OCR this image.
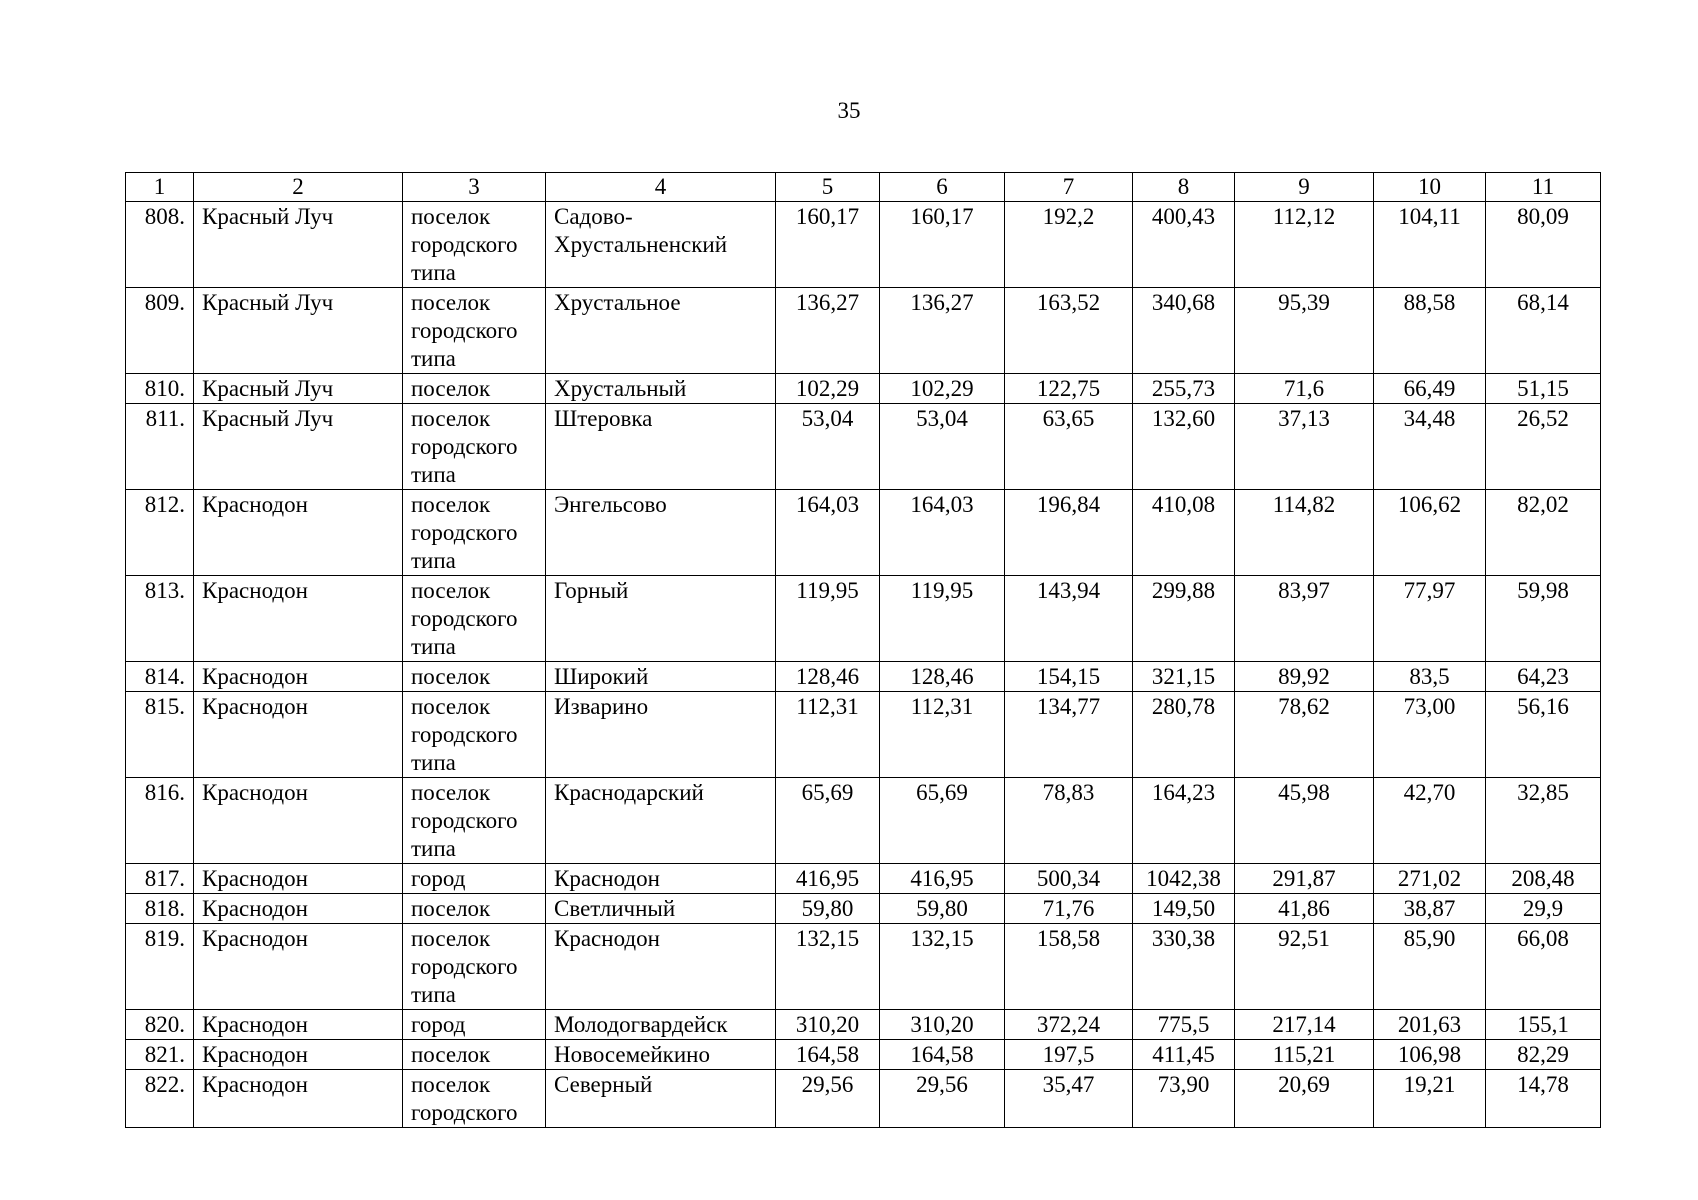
35
1	2	3	4	5	6	7	8	9	10	11
808.	Красный Луч	поселок
городского
типа	Садово-
Хрустальненский	160,17	160,17	192,2	400,43	112,12	104,11	80,09
809.	Красный Луч	поселок
городского
типа	Хрустальное	136,27	136,27	163,52	340,68	95,39	88,58	68,14
810.	Красный Луч	поселок	Хрустальный	102,29	102,29	122,75	255,73	71,6	66,49	51,15
811.	Красный Луч	поселок
городского
типа	Штеровка	53,04	53,04	63,65	132,60	37,13	34,48	26,52
812.	Краснодон	поселок
городского
типа	Энгельсово	164,03	164,03	196,84	410,08	114,82	106,62	82,02
813.	Краснодон	поселок
городского
типа	Горный	119,95	119,95	143,94	299,88	83,97	77,97	59,98
814.	Краснодон	поселок	Широкий	128,46	128,46	154,15	321,15	89,92	83,5	64,23
815.	Краснодон	поселок
городского
типа	Изварино	112,31	112,31	134,77	280,78	78,62	73,00	56,16
816.	Краснодон	поселок
городского
типа	Краснодарский	65,69	65,69	78,83	164,23	45,98	42,70	32,85
817.	Краснодон	город	Краснодон	416,95	416,95	500,34	1042,38	291,87	271,02	208,48
818.	Краснодон	поселок	Светличный	59,80	59,80	71,76	149,50	41,86	38,87	29,9
819.	Краснодон	поселок
городского
типа	Краснодон	132,15	132,15	158,58	330,38	92,51	85,90	66,08
820.	Краснодон	город	Молодогвардейск	310,20	310,20	372,24	775,5	217,14	201,63	155,1
821.	Краснодон	поселок	Новосемейкино	164,58	164,58	197,5	411,45	115,21	106,98	82,29
822.	Краснодон	поселок
городского	Северный	29,56	29,56	35,47	73,90	20,69	19,21	14,78
